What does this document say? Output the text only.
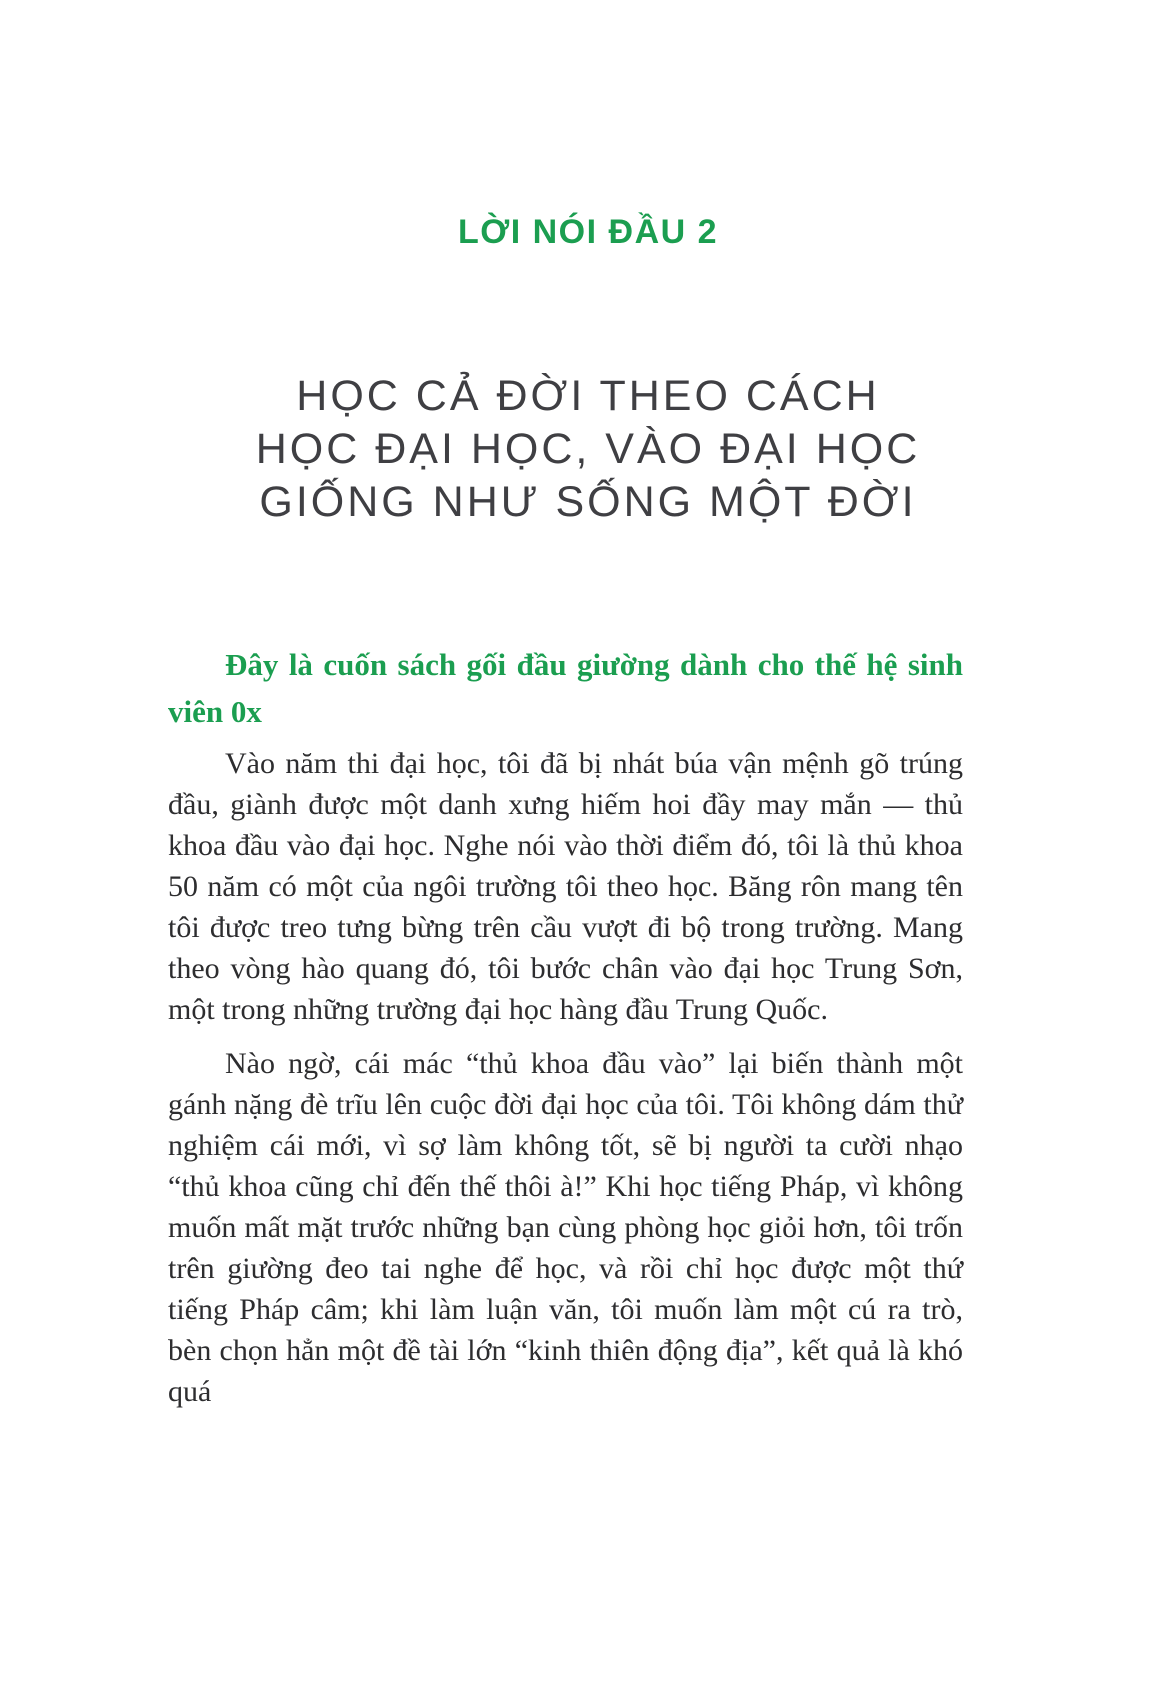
LỜI NÓI ĐẦU 2
HỌC CẢ ĐỜI THEO CÁCH
HỌC ĐẠI HỌC, VÀO ĐẠI HỌC
GIỐNG NHƯ SỐNG MỘT ĐỜI

Đây là cuốn sách gối đầu giường dành cho thế hệ sinh viên 0x

Vào năm thi đại học, tôi đã bị nhát búa vận mệnh gõ trúng đầu, giành được một danh xưng hiếm hoi đầy may mắn — thủ khoa đầu vào đại học. Nghe nói vào thời điểm đó, tôi là thủ khoa 50 năm có một của ngôi trường tôi theo học. Băng rôn mang tên tôi được treo tưng bừng trên cầu vượt đi bộ trong trường. Mang theo vòng hào quang đó, tôi bước chân vào đại học Trung Sơn, một trong những trường đại học hàng đầu Trung Quốc.

Nào ngờ, cái mác “thủ khoa đầu vào” lại biến thành một gánh nặng đè trĩu lên cuộc đời đại học của tôi. Tôi không dám thử nghiệm cái mới, vì sợ làm không tốt, sẽ bị người ta cười nhạo “thủ khoa cũng chỉ đến thế thôi à!” Khi học tiếng Pháp, vì không muốn mất mặt trước những bạn cùng phòng học giỏi hơn, tôi trốn trên giường đeo tai nghe để học, và rồi chỉ học được một thứ tiếng Pháp câm; khi làm luận văn, tôi muốn làm một cú ra trò, bèn chọn hẳn một đề tài lớn “kinh thiên động địa”, kết quả là khó quá
